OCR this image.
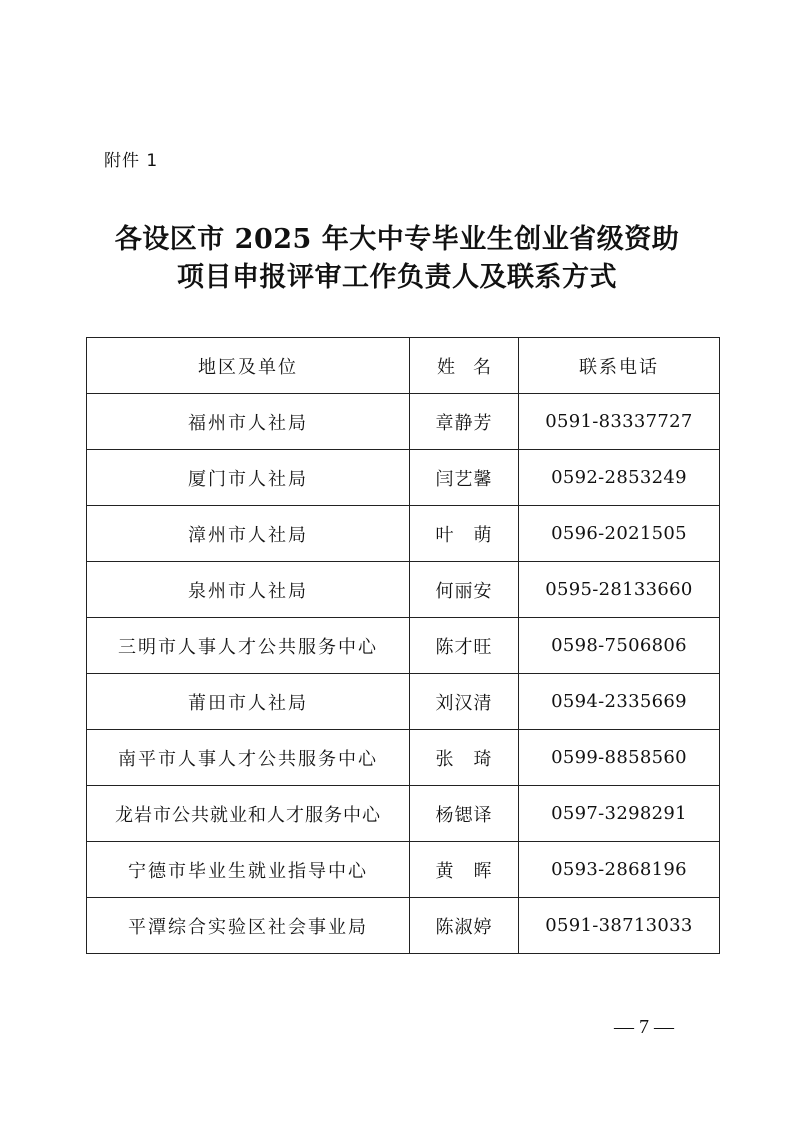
附件 1
各设区市 2025 年大中专毕业生创业省级资助
项目申报评审工作负责人及联系方式
地区及单位	姓　名	联系电话
福州市人社局	章静芳	0591-83337727
厦门市人社局	闫艺馨	0592-2853249
漳州市人社局	叶　萌	0596-2021505
泉州市人社局	何丽安	0595-28133660
三明市人事人才公共服务中心	陈才旺	0598-7506806
莆田市人社局	刘汉清	0594-2335669
南平市人事人才公共服务中心	张　琦	0599-8858560
龙岩市公共就业和人才服务中心	杨锶译	0597-3298291
宁德市毕业生就业指导中心	黄　晖	0593-2868196
平潭综合实验区社会事业局	陈淑婷	0591-38713033
— 7 —
